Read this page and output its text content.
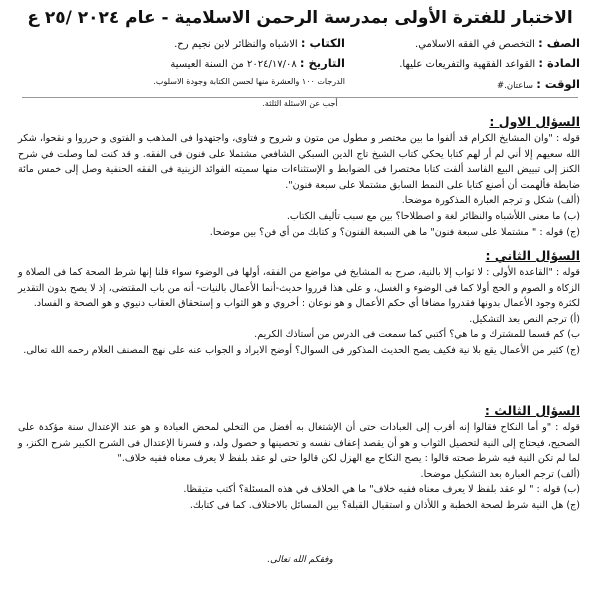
الاختبار للفترة الأولى بمدرسة الرحمن الاسلامية - عام ٢٠٢٤ /٢٥ ع
الصف : التخصص في الفقه الاسلامي.
الكتاب : الاشباه والنظائر لابن نجيم رح.
المادة : القواعد الفقهية والتفريعات عليها.
التاريخ : ٢٠٢٤/١٧/٠٨ من السنة العيسية
الوقت : ساعتان.#
الدرجات ١٠٠ والعشرة منها لحسن الكتابة وجودة الاسلوب.
أجب عن الاسئلة الثلثة.
السؤال الاول :
قوله : "وان المشايخ الكرام قد ألفوا ما بين مختصر و مطول من متون و شروح و فتاوى، واجتهدوا فى المذهب و الفتوى و حرروا و نقحوا، شكر الله سعيهم إلا أني لم أر لهم كتابا يحكي كتاب الشيخ تاج الدين السبكي الشافعي مشتملا على فنون فى الفقه. و قد كنت لما وصلت في شرح الكنز إلى تبييض البيع الفاسد ألفت كتابا مختصرا فى الضوابط و الإستثناءات منها سميته الفوائد الزينية فى الفقه الحنفية وصل إلى خمس مائة ضابطة فألهمت أن أصنع كتابا على النمط السابق مشتملا على سبعة فنون".
(ألف) شكل و ترجم العبارة المذكورة موضحا.
(ب) ما معنى اللأشباه والنظائر لغة و اصطلاحا؟ بين مع سبب تأليف الكتاب.
(ج) قوله : " مشتملا على سبعة فنون" ما هي السبعة الفنون؟ و كتابك من أي فن؟ بين موضحا.
السؤال الثاني :
قوله : "القاعدة الأولى : لا ثواب إلا بالنية، صرح به المشايخ في مواضع من الفقه، أولها فى الوضوء سواء قلنا إنها شرط الصحة كما فى الصلاة و الزكاة و الصوم و الحج أولا كما فى الوضوء و الغسل، و على هذا قرروا حديث-أنما الأعمال بالنيات- أنه من باب المقتضى، إذ لا يصح بدون التقدير لكثرة وجود الأعمال بدونها فقدروا مضافا أي حكم الأعمال و هو نوعان : أخروي و هو الثواب و إستحقاق العقاب دنيوي و هو الصحة و الفساد.
(أ) ترجم النص بعد التشكيل.
ب) كم قسما للمشترك و ما هي؟ أكتبي كما سمعت فى الدرس من أستاذك الكريم.
(ج) كثير من الأعمال يقع بلا نية فكيف يصح الحديث المذكور فى السوال؟ أوضح الايراد و الجواب عنه على نهج المصنف العلام رحمه الله تعالى.
السؤال الثالث :
قوله : "و أما النكاح فقالوا إنه أقرب إلى العبادات حتى أن الإشتغال به أفضل من التخلي لمحض العبادة و هو عند الإعتدال سنة مؤكدة على الصحيح، فيحتاج إلى النية لتحصيل الثواب و هو أن يقصد إعفاف نفسه و تحصينها و حصول ولد، و فسرنا الإعتدال فى الشرح الكبير شرح الكنز، و لما لم تكن النية فيه شرط صحته قالوا : يصح النكاح مع الهزل لكن قالوا حتى لو عقد بلفظ لا يعرف معناه ففيه خلاف."
(ألف) ترجم العبارة بعد التشكيل موضحا.
(ب) قوله : " لو عقد بلفظ لا يعرف معناه ففيه خلاف" ما هي الخلاف في هذه المسئلة؟ أكتب متيقظا.
(ج) هل النية شرط لصحة الخطبة و اللأذان و استقبال القبلة؟ بين المسائل بالاختلاف. كما فى كتابك.
وفقكم الله تعالى.
